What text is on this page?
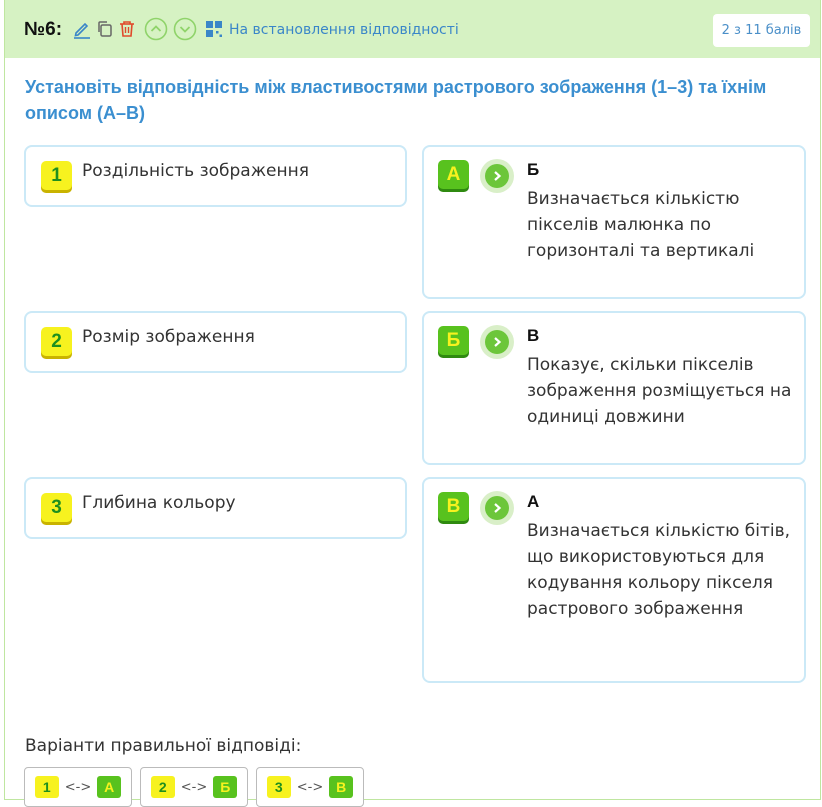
№6:	На встановлення відповідності	2 з 11 балів
Установіть відповідність між властивостями растрового зображення (1–3) та їхнім описом (А–В)
1	Роздільність зображення
2	Розмір зображення
3	Глибина кольору
А	Б
Визначається кількістю пікселів малюнка по горизонталі та вертикалі
Б	В
Показує, скільки пікселів зображення розміщується на одиниці довжини
В	А
Визначається кількістю бітів, що використовуються для кодування кольору пікселя растрового зображення
Варіанти правильної відповіді:
1	<-> А	2	<-> Б	3	<-> В
